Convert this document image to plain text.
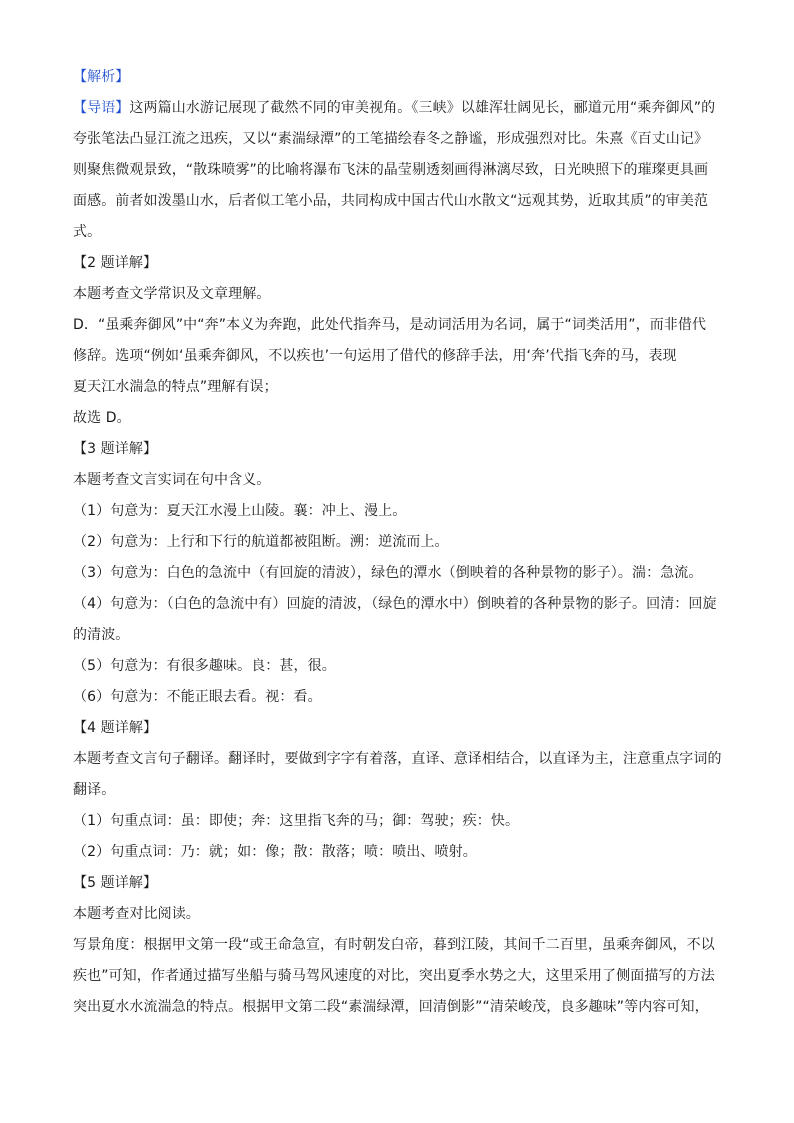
【解析】
【导语】这两篇山水游记展现了截然不同的审美视角。《三峡》以雄浑壮阔见长，郦道元用“乘奔御风”的
夸张笔法凸显江流之迅疾，又以“素湍绿潭”的工笔描绘春冬之静谧，形成强烈对比。朱熹《百丈山记》
则聚焦微观景致，“散珠喷雾”的比喻将瀑布飞沫的晶莹剔透刻画得淋漓尽致，日光映照下的璀璨更具画
面感。前者如泼墨山水，后者似工笔小品，共同构成中国古代山水散文“远观其势，近取其质”的审美范
式。
【2 题详解】
本题考查文学常识及文章理解。
D．“虽乘奔御风”中“奔”本义为奔跑，此处代指奔马，是动词活用为名词，属于“词类活用”，而非借代
修辞。选项“例如‘虽乘奔御风，不以疾也’一句运用了借代的修辞手法，用‘奔’代指飞奔的马，表现
夏天江水湍急的特点”理解有误；
故选 D。
【3 题详解】
本题考查文言实词在句中含义。
（1）句意为：夏天江水漫上山陵。襄：冲上、漫上。
（2）句意为：上行和下行的航道都被阻断。溯：逆流而上。
（3）句意为：白色的急流中（有回旋的清波），绿色的潭水（倒映着的各种景物的影子）。湍：急流。
（4）句意为：（白色的急流中有）回旋的清波，（绿色的潭水中）倒映着的各种景物的影子。回清：回旋
的清波。
（5）句意为：有很多趣味。良：甚，很。
（6）句意为：不能正眼去看。视：看。
【4 题详解】
本题考查文言句子翻译。翻译时，要做到字字有着落，直译、意译相结合，以直译为主，注意重点字词的
翻译。
（1）句重点词：虽：即使；奔：这里指飞奔的马；御：驾驶；疾：快。
（2）句重点词：乃：就；如：像；散：散落；喷：喷出、喷射。
【5 题详解】
本题考查对比阅读。
写景角度：根据甲文第一段“或王命急宣，有时朝发白帝，暮到江陵，其间千二百里，虽乘奔御风，不以
疾也”可知，作者通过描写坐船与骑马驾风速度的对比，突出夏季水势之大，这里采用了侧面描写的方法
突出夏水水流湍急的特点。根据甲文第二段“素湍绿潭，回清倒影”“清荣峻茂，良多趣味”等内容可知，
